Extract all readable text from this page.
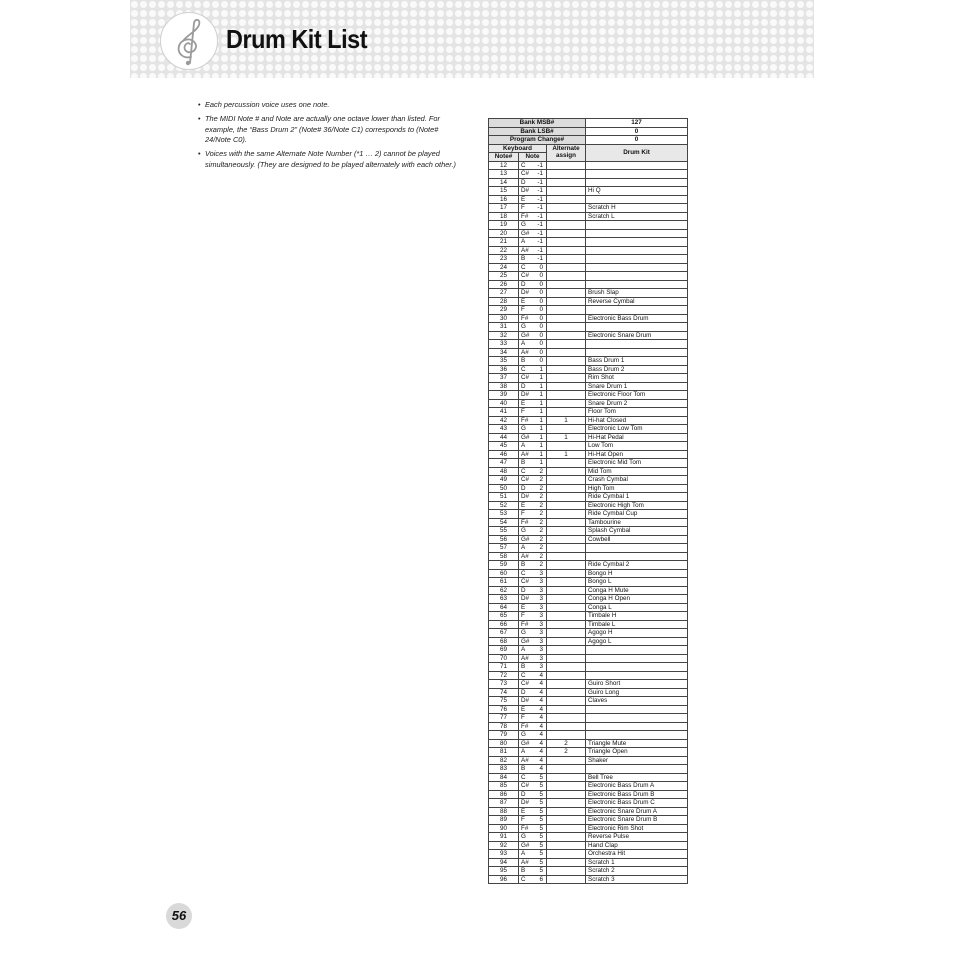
Drum Kit List
• Each percussion voice uses one note.
• The MIDI Note # and Note are actually one octave lower than listed. For example, the “Bass Drum 2” (Note# 36/Note C1) corresponds to (Note# 24/Note C0).
• Voices with the same Alternate Note Number (*1 … 2) cannot be played simultaneously. (They are designed to be played alternately with each other.)
Bank MSB#				127
Bank LSB#				0
Program Change#				0
Keyboard			Alternate assign	Drum Kit
Note#	Note			
12	C	-1		
13	C#	-1		
14	D	-1		
15	D#	-1		Hi Q
16	E	-1		
17	F	-1		Scratch H
18	F#	-1		Scratch L
19	G	-1		
20	G#	-1		
21	A	-1		
22	A#	-1		
23	B	-1		
24	C	0		
25	C#	0		
26	D	0		
27	D#	0		Brush Slap
28	E	0		Reverse Cymbal
29	F	0		
30	F#	0		Electronic Bass Drum
31	G	0		
32	G#	0		Electronic Snare Drum
33	A	0		
34	A#	0		
35	B	0		Bass Drum 1
36	C	1		Bass Drum 2
37	C#	1		Rim Shot
38	D	1		Snare Drum 1
39	D#	1		Electronic Floor Tom
40	E	1		Snare Drum 2
41	F	1		Floor Tom
42	F#	1	1	Hi-hat Closed
43	G	1		Electronic Low Tom
44	G#	1	1	Hi-Hat Pedal
45	A	1		Low Tom
46	A#	1	1	Hi-Hat Open
47	B	1		Electronic Mid Tom
48	C	2		Mid Tom
49	C#	2		Crash Cymbal
50	D	2		High Tom
51	D#	2		Ride Cymbal 1
52	E	2		Electronic High Tom
53	F	2		Ride Cymbal Cup
54	F#	2		Tambourine
55	G	2		Splash Cymbal
56	G#	2		Cowbell
57	A	2		
58	A#	2		
59	B	2		Ride Cymbal 2
60	C	3		Bongo H
61	C#	3		Bongo L
62	D	3		Conga H Mute
63	D#	3		Conga H Open
64	E	3		Conga L
65	F	3		Timbale H
66	F#	3		Timbale L
67	G	3		Agogo H
68	G#	3		Agogo L
69	A	3		
70	A#	3		
71	B	3		
72	C	4		
73	C#	4		Guiro Short
74	D	4		Guiro Long
75	D#	4		Claves
76	E	4		
77	F	4		
78	F#	4		
79	G	4		
80	G#	4	2	Triangle Mute
81	A	4	2	Triangle Open
82	A#	4		Shaker
83	B	4		
84	C	5		Bell Tree
85	C#	5		Electronic Bass Drum A
86	D	5		Electronic Bass Drum B
87	D#	5		Electronic Bass Drum C
88	E	5		Electronic Snare Drum A
89	F	5		Electronic Snare Drum B
90	F#	5		Electronic Rim Shot
91	G	5		Reverse Pulse
92	G#	5		Hand Clap
93	A	5		Orchestra Hit
94	A#	5		Scratch 1
95	B	5		Scratch 2
96	C	6		Scratch 3
56
